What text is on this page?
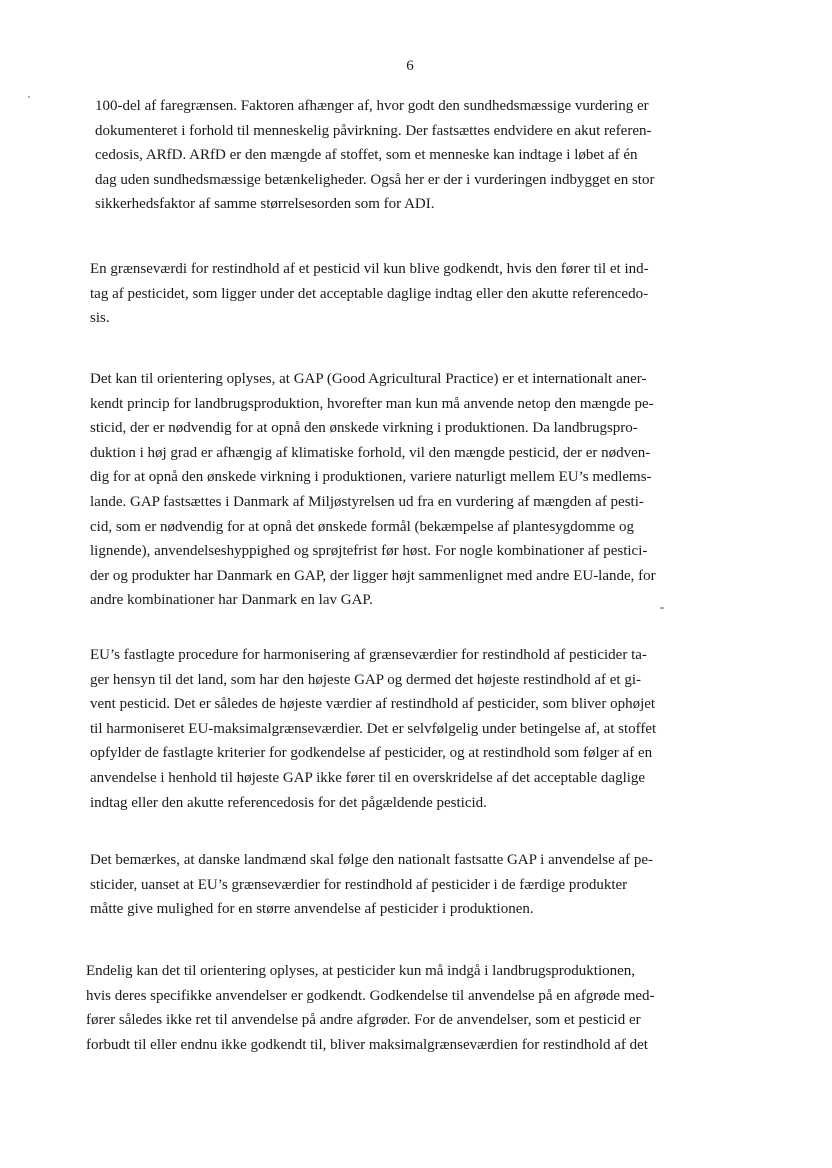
6
100-del af faregrænsen. Faktoren afhænger af, hvor godt den sundhedsmæssige vurdering er
dokumenteret i forhold til menneskelig påvirkning. Der fastsættes endvidere en akut referen-
cedosis, ARfD. ARfD er den mængde af stoffet, som et menneske kan indtage i løbet af én
dag uden sundhedsmæssige betænkeligheder. Også her er der i vurderingen indbygget en stor
sikkerhedsfaktor af samme størrelsesorden som for ADI.
En grænseværdi for restindhold af et pesticid vil kun blive godkendt, hvis den fører til et ind-
tag af pesticidet, som ligger under det acceptable daglige indtag eller den akutte referencedo-
sis.
Det kan til orientering oplyses, at GAP (Good Agricultural Practice) er et internationalt aner-
kendt princip for landbrugsproduktion, hvorefter man kun må anvende netop den mængde pe-
sticid, der er nødvendig for at opnå den ønskede virkning i produktionen. Da landbrugspro-
duktion i høj grad er afhængig af klimatiske forhold, vil den mængde pesticid, der er nødven-
dig for at opnå den ønskede virkning i produktionen, variere naturligt mellem EU’s medlems-
lande. GAP fastsættes i Danmark af Miljøstyrelsen ud fra en vurdering af mængden af pesti-
cid, som er nødvendig for at opnå det ønskede formål (bekæmpelse af plantesygdomme og
lignende), anvendelseshyppighed og sprøjtefrist før høst. For nogle kombinationer af pestici-
der og produkter har Danmark en GAP, der ligger højt sammenlignet med andre EU-lande, for
andre kombinationer har Danmark en lav GAP.
EU’s fastlagte procedure for harmonisering af grænseværdier for restindhold af pesticider ta-
ger hensyn til det land, som har den højeste GAP og dermed det højeste restindhold af et gi-
vent pesticid. Det er således de højeste værdier af restindhold af pesticider, som bliver ophøjet
til harmoniseret EU-maksimalgrænseværdier. Det er selvfølgelig under betingelse af, at stoffet
opfylder de fastlagte kriterier for godkendelse af pesticider, og at restindhold som følger af en
anvendelse i henhold til højeste GAP ikke fører til en overskridelse af det acceptable daglige
indtag eller den akutte referencedosis for det pågældende pesticid.
Det bemærkes, at danske landmænd skal følge den nationalt fastsatte GAP i anvendelse af pe-
sticider, uanset at EU’s grænseværdier for restindhold af pesticider i de færdige produkter
måtte give mulighed for en større anvendelse af pesticider i produktionen.
Endelig kan det til orientering oplyses, at pesticider kun må indgå i landbrugsproduktionen,
hvis deres specifikke anvendelser er godkendt. Godkendelse til anvendelse på en afgrøde med-
fører således ikke ret til anvendelse på andre afgrøder. For de anvendelser, som et pesticid er
forbudt til eller endnu ikke godkendt til, bliver maksimalgrænseværdien for restindhold af det
